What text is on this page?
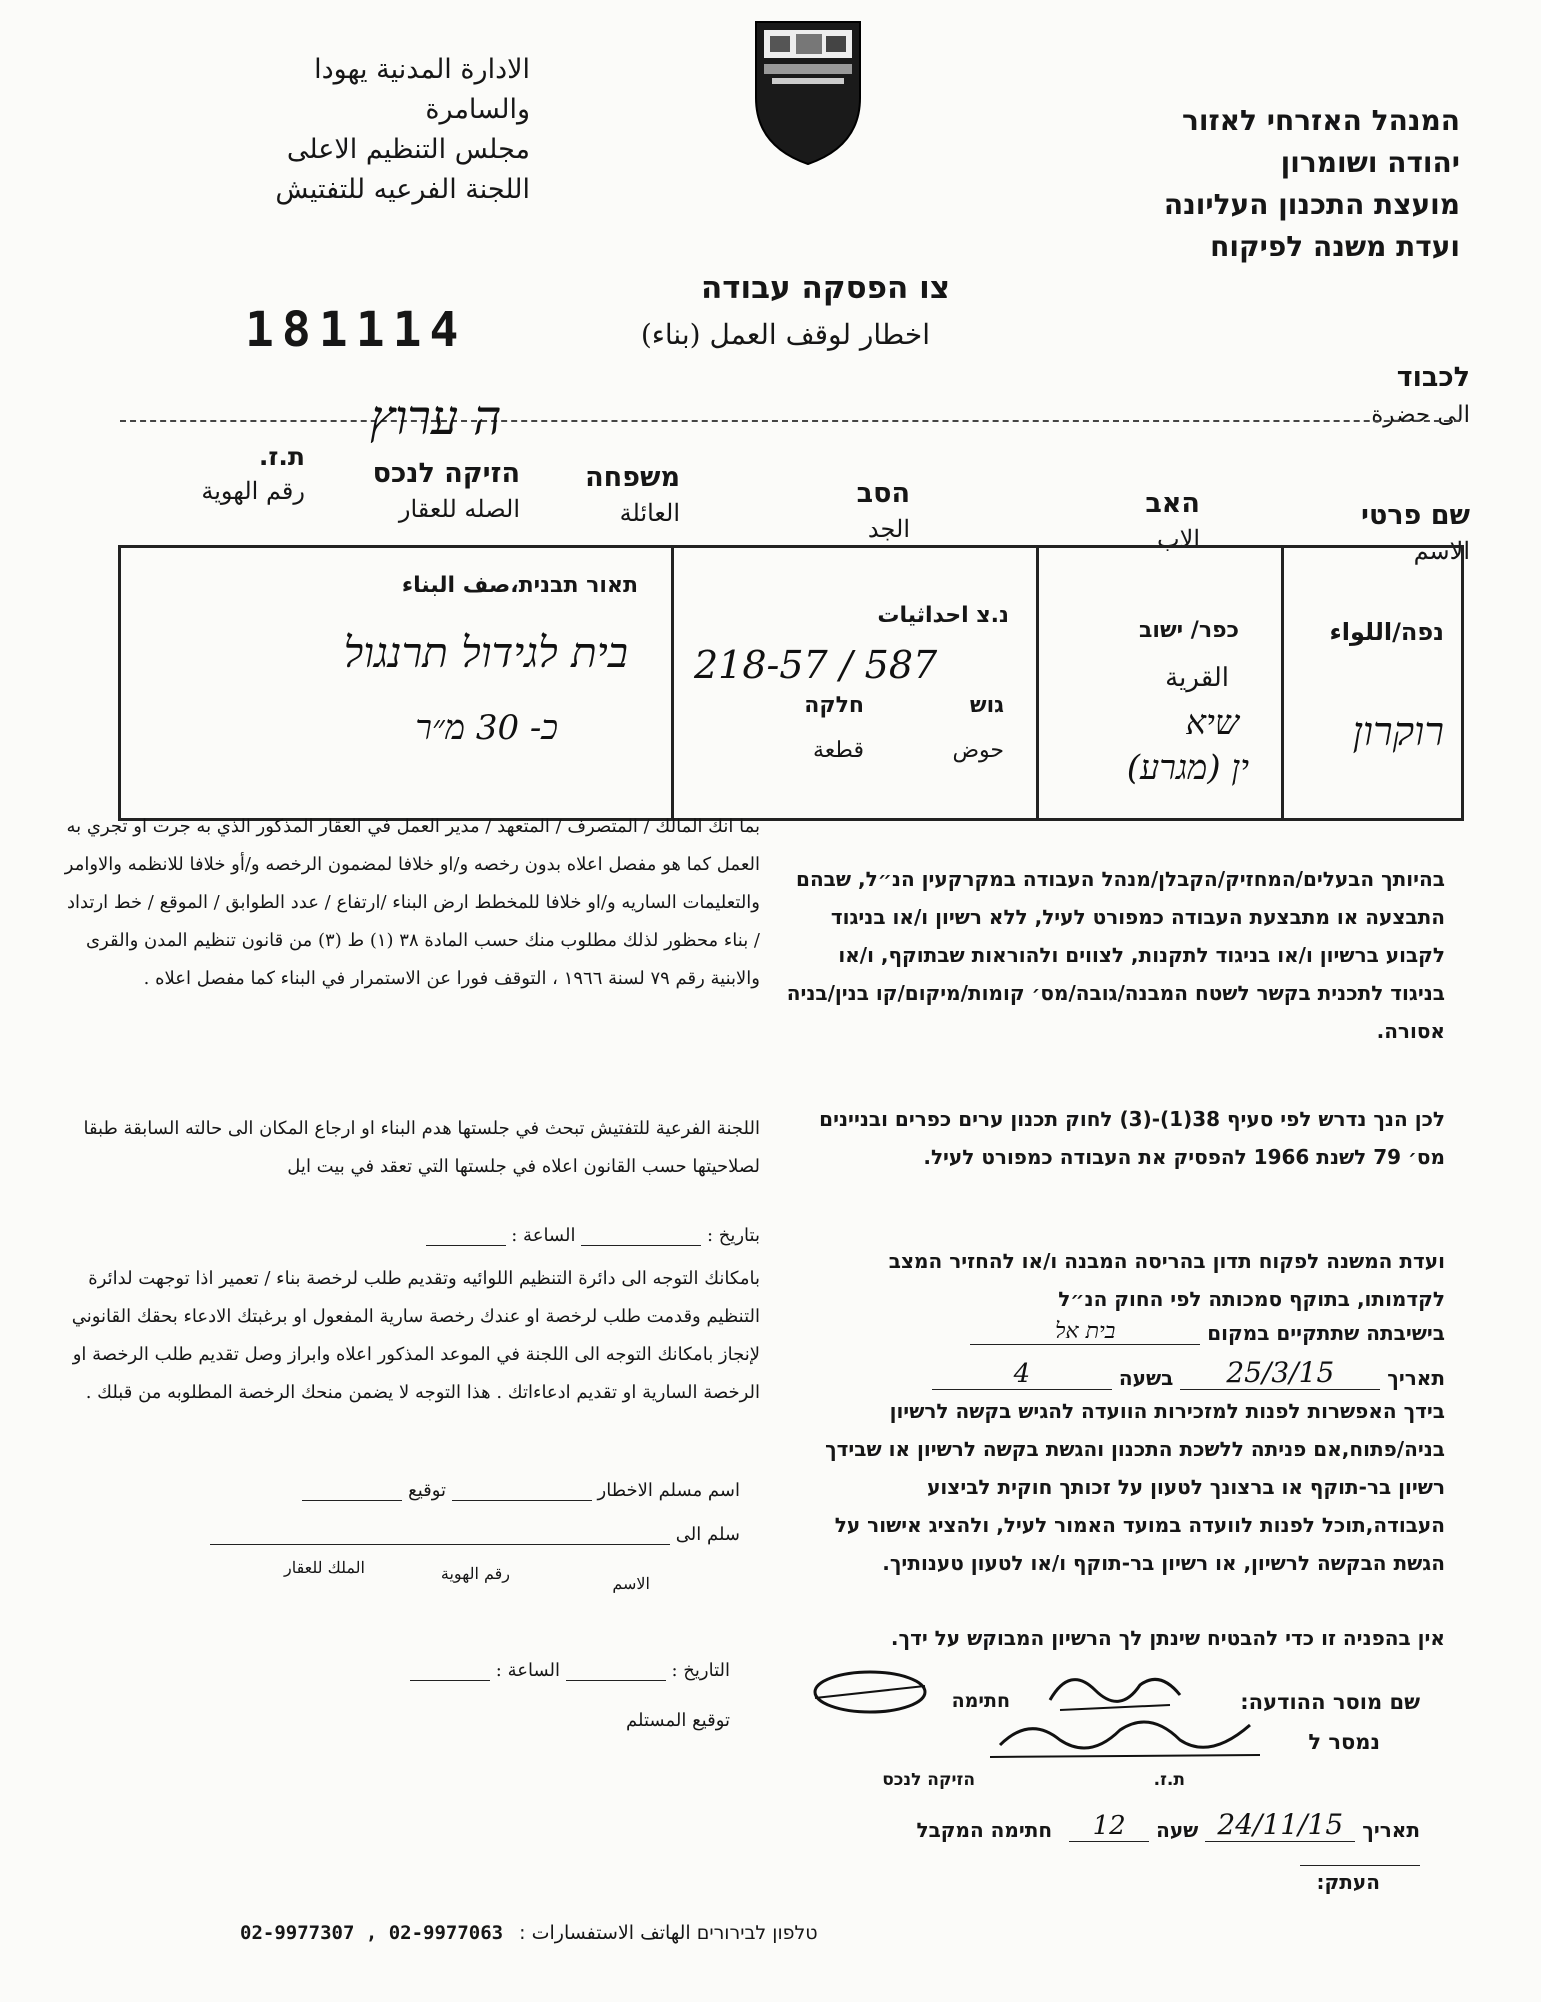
الادارة المدنية يهودا
والسامرة
مجلس التنظيم الاعلى
اللجنة الفرعيه للتفتيش
המנהל האזרחי לאזור
יהודה ושומרון
מועצת התכנון העליונה
ועדת משנה לפיקוח
צו הפסקה עבודה
اخطار لوقف العمل (بناء)
181114
לכבוד
الى حضرة
ה ערוץ
שם פרטי
الاسم
האב
الاب
הסב
الجد
משפחה
العائلة
הזיקה לנכס
الصله للعقار
ת.ז.
رقم الهوية
נפה/اللواء
רוקרון
כפר/ ישוב
القرية
שיא
ין (מגרע)
נ.צ احداثيات
218-57 / 587
גוש
חלקה
حوض
قطعة
תאור תבנית،صف البناء
בית לגידול תרנגול
כ- 30 מ״ר
בהיותך הבעלים/המחזיק/הקבלן/מנהל העבודה במקרקעין הנ״ל, שבהם התבצעה או מתבצעת העבודה כמפורט לעיל, ללא רשיון ו/או בניגוד לקבוע ברשיון ו/או בניגוד לתקנות, לצווים ולהוראות שבתוקף, ו/או בניגוד לתכנית בקשר לשטח המבנה/גובה/מס׳ קומות/מיקום/קו בנין/בניה אסורה.
לכן הנך נדרש לפי סעיף 38(1)-(3) לחוק תכנון ערים כפרים ובניינים מס׳ 79 לשנת 1966 להפסיק את העבודה כמפורט לעיל.
ועדת המשנה לפקוח תדון בהריסה המבנה ו/או להחזיר המצב לקדמותו, בתוקף סמכותה לפי החוק הנ״ל
בישיבתה שתתקיים במקום בית אל
תאריך 25/3/15 בשעה 4
בידך האפשרות לפנות למזכירות הוועדה להגיש בקשה לרשיון בניה/פתוח,אם פניתה ללשכת התכנון והגשת בקשה לרשיון או שבידך רשיון בר-תוקף או ברצונך לטעון על זכותך חוקית לביצוע העבודה,תוכל לפנות לוועדה במועד האמור לעיל, ולהציג אישור על הגשת הבקשה לרשיון, או רשיון בר-תוקף ו/או לטעון טענותיך.
אין בהפניה זו כדי להבטיח שינתן לך הרשיון המבוקש על ידך.
שם מוסר ההודעה:
חתימה
נמסר ל
הזיקה לנכס	ת.ז.
תאריך 24/11/15 שעה 12 חתימה המקבל
העתק:
بما انك المالك / المتصرف / المتعهد / مدير العمل في العقار المذكور الذي به جرت او تجري به العمل كما هو مفصل اعلاه بدون رخصه و/او خلافا لمضمون الرخصه و/أو خلافا للانظمه والاوامر والتعليمات الساريه و/او خلافا للمخطط ارض البناء /ارتفاع / عدد الطوابق / الموقع / خط ارتداد / بناء محظور لذلك مطلوب منك حسب المادة ٣٨ (١) ط (٣) من قانون تنظيم المدن والقرى والابنية رقم ٧٩ لسنة ١٩٦٦ ، التوقف فورا عن الاستمرار في البناء كما مفصل اعلاه .
اللجنة الفرعية للتفتيش تبحث في جلستها هدم البناء او ارجاع المكان الى حالته السابقة طبقا لصلاحيتها حسب القانون اعلاه في جلستها التي تعقد في بيت ايل
بتاريخ :  الساعة :
بامكانك التوجه الى دائرة التنظيم اللوائيه وتقديم طلب لرخصة بناء / تعمير اذا توجهت لدائرة التنظيم وقدمت طلب لرخصة او عندك رخصة سارية المفعول او برغبتك الادعاء بحقك القانوني لإنجاز بامكانك التوجه الى اللجنة في الموعد المذكور اعلاه وابراز وصل تقديم طلب الرخصة او الرخصة السارية او تقديم ادعاءاتك . هذا التوجه لا يضمن منحك الرخصة المطلوبه من قبلك .
اسم مسلم الاخطار  توقيع
سلم الى
الاسم
رقم الهوية
الملك للعقار
التاريخ :  الساعة :
توقيع المستلم
02-9977307 , 02-9977063 טלפון לבירורים الهاتف الاستفسارات :
